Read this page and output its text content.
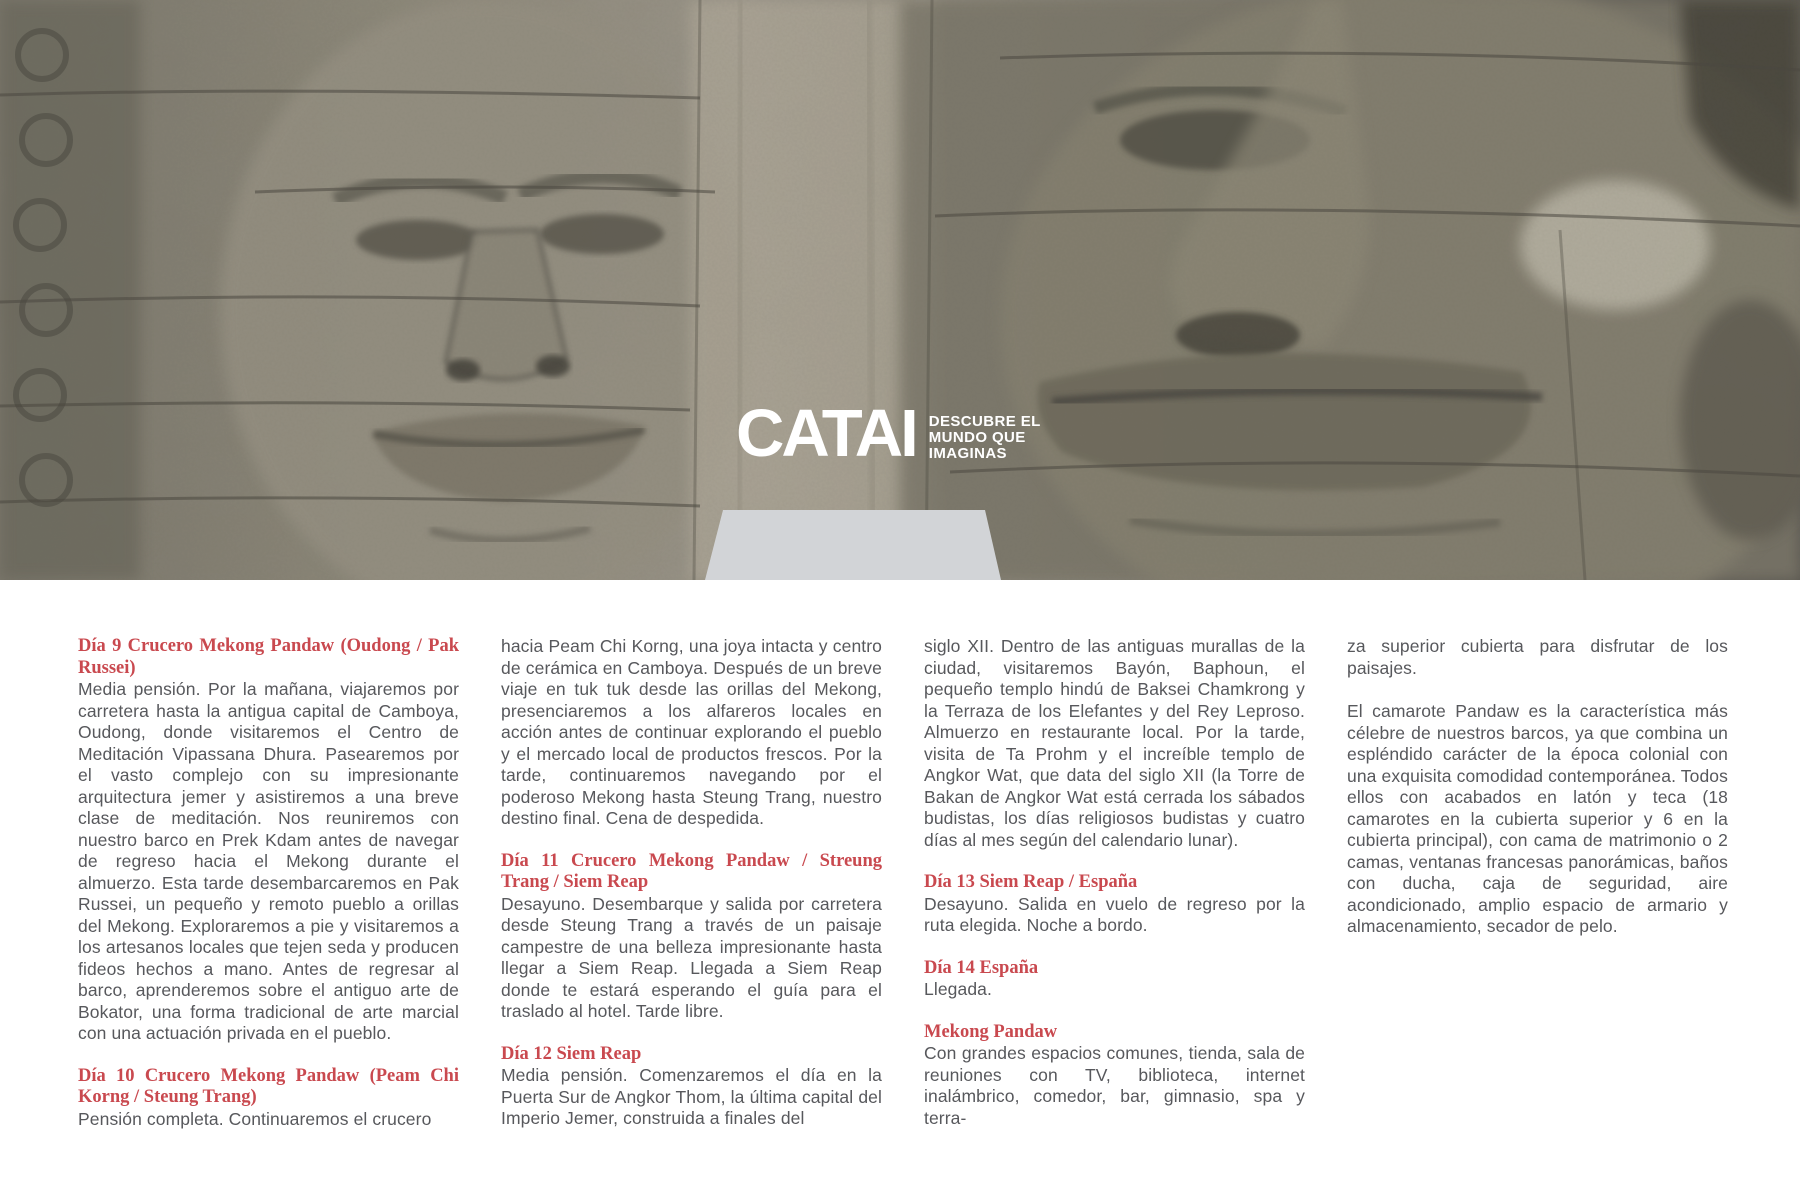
CATAI DESCUBRE EL
MUNDO QUE
IMAGINAS
Día 9 Crucero Mekong Pandaw (Oudong / Pak Russei)

Media pensión. Por la mañana, viajaremos por carretera hasta la antigua capital de Camboya, Oudong, donde visitaremos el Centro de Meditación Vipassana Dhura. Pasearemos por el vasto complejo con su impresionante arquitectura jemer y asistiremos a una breve clase de meditación. Nos reuniremos con nuestro barco en Prek Kdam antes de navegar de regreso hacia el Mekong durante el almuerzo. Esta tarde desembarcaremos en Pak Russei, un pequeño y remoto pueblo a orillas del Mekong. Exploraremos a pie y visitaremos a los artesanos locales que tejen seda y producen fideos hechos a mano. Antes de regresar al barco, aprenderemos sobre el antiguo arte de Bokator, una forma tradicional de arte marcial con una actuación privada en el pueblo.

Día 10 Crucero Mekong Pandaw (Peam Chi Korng / Steung Trang)

Pensión completa. Continuaremos el crucero

hacia Peam Chi Korng, una joya intacta y centro de cerámica en Camboya. Después de un breve viaje en tuk tuk desde las orillas del Mekong, presenciaremos a los alfareros locales en acción antes de continuar explorando el pueblo y el mercado local de productos frescos. Por la tarde, continuaremos navegando por el poderoso Mekong hasta Steung Trang, nuestro destino final. Cena de despedida.

Día 11 Crucero Mekong Pandaw / Streung Trang / Siem Reap

Desayuno. Desembarque y salida por carretera desde Steung Trang a través de un paisaje campestre de una belleza impresionante hasta llegar a Siem Reap. Llegada a Siem Reap donde te estará esperando el guía para el traslado al hotel. Tarde libre.

Día 12 Siem Reap

Media pensión. Comenzaremos el día en la Puerta Sur de Angkor Thom, la última capital del Imperio Jemer, construida a finales del

siglo XII. Dentro de las antiguas murallas de la ciudad, visitaremos Bayón, Baphoun, el pequeño templo hindú de Baksei Chamkrong y la Terraza de los Elefantes y del Rey Leproso. Almuerzo en restaurante local. Por la tarde, visita de Ta Prohm y el increíble templo de Angkor Wat, que data del siglo XII (la Torre de Bakan de Angkor Wat está cerrada los sábados budistas, los días religiosos budistas y cuatro días al mes según del calendario lunar).

Día 13 Siem Reap / España

Desayuno. Salida en vuelo de regreso por la ruta elegida. Noche a bordo.

Día 14 España

Llegada.

Mekong Pandaw

Con grandes espacios comunes, tienda, sala de reuniones con TV, biblioteca, internet inalámbrico, comedor, bar, gimnasio, spa y terra-

za superior cubierta para disfrutar de los paisajes.

El camarote Pandaw es la característica más célebre de nuestros barcos, ya que combina un espléndido carácter de la época colonial con una exquisita comodidad contemporánea. Todos ellos con acabados en latón y teca (18 camarotes en la cubierta superior y 6 en la cubierta principal), con cama de matrimonio o 2 camas, ventanas francesas panorámicas, baños con ducha, caja de seguridad, aire acondicionado, amplio espacio de armario y almacenamiento, secador de pelo.
